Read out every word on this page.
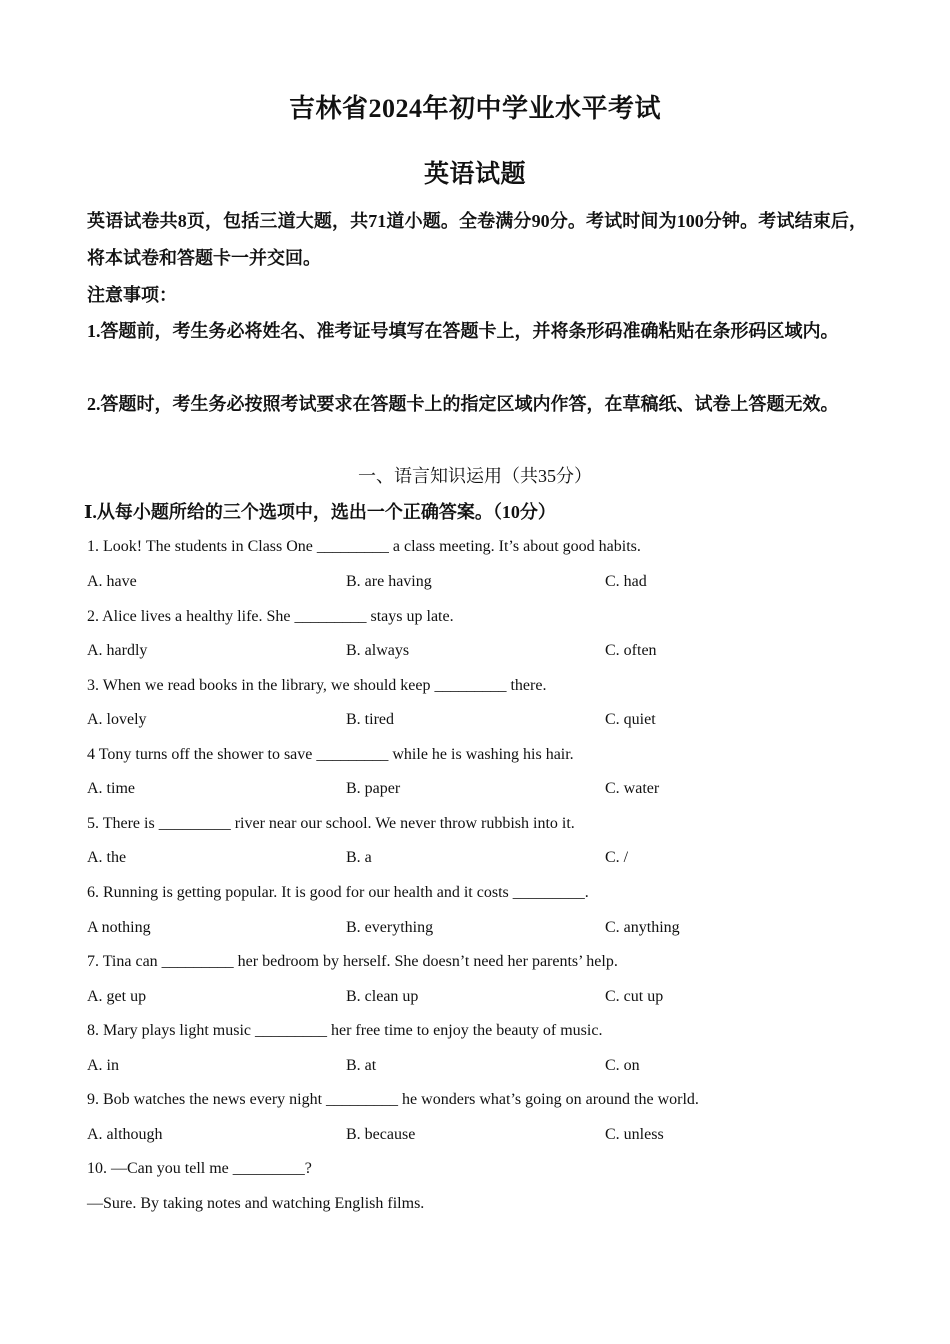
吉林省2024年初中学业水平考试
英语试题
英语试卷共8页，包括三道大题，共71道小题。全卷满分90分。考试时间为100分钟。考试结束后，将本试卷和答题卡一并交回。
注意事项：
1.答题前，考生务必将姓名、准考证号填写在答题卡上，并将条形码准确粘贴在条形码区域内。
2.答题时，考生务必按照考试要求在答题卡上的指定区域内作答，在草稿纸、试卷上答题无效。
一、语言知识运用（共35分）
Ⅰ.从每小题所给的三个选项中，选出一个正确答案。（10分）
1. Look! The students in Class One _________ a class meeting. It’s about good habits.
A. have	B. are having	C. had
2. Alice lives a healthy life. She _________ stays up late.
A. hardly	B. always	C. often
3. When we read books in the library, we should keep _________ there.
A. lovely	B. tired	C. quiet
4 Tony turns off the shower to save _________ while he is washing his hair.
A. time	B. paper	C. water
5. There is _________ river near our school. We never throw rubbish into it.
A. the	B. a	C. /
6. Running is getting popular. It is good for our health and it costs _________.
A nothing	B. everything	C. anything
7. Tina can _________ her bedroom by herself. She doesn’t need her parents’ help.
A. get up	B. clean up	C. cut up
8. Mary plays light music _________ her free time to enjoy the beauty of music.
A. in	B. at	C. on
9. Bob watches the news every night _________ he wonders what’s going on around the world.
A. although	B. because	C. unless
10. —Can you tell me _________?
—Sure. By taking notes and watching English films.
